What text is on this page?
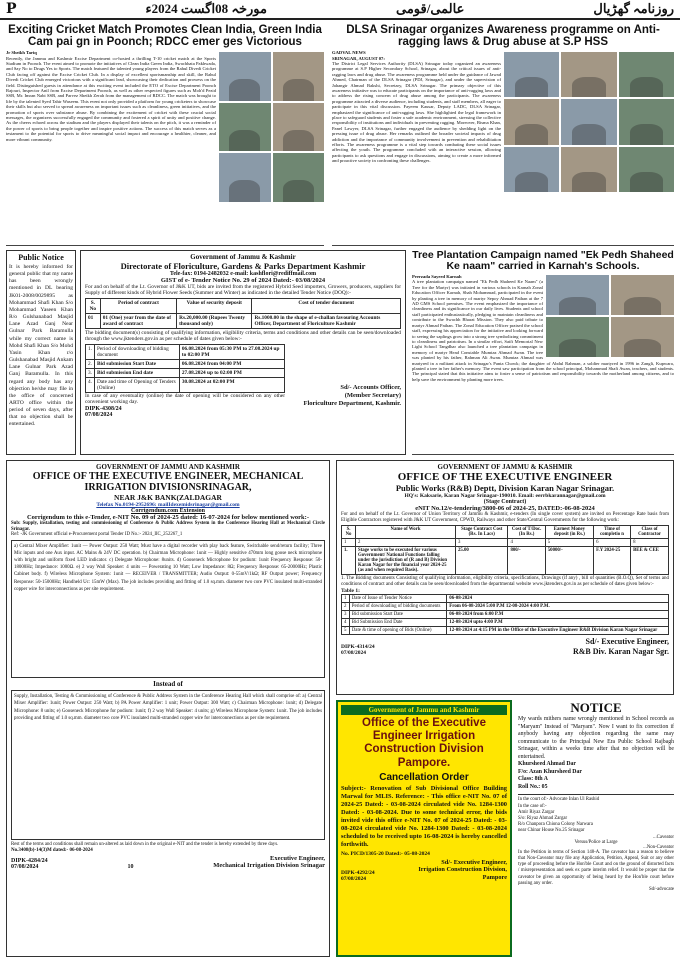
P	مورخہ 08اگست 2024ء	عالمی/قومی	روزنامہ گھڑیال
Exciting Cricket Match Promotes Clean India, Green India Cam pai gn in Poonch; RDCC emer ges Victorious
Jr Sheikh Tariq
Recently, the Jammu and Kashmir Excise Department co-hosted a thrilling T-10 cricket match at the Sports Stadium in Poonch. The event aimed to promote the initiatives of Clean India Green India, Swachhata Pakhwada, and Say No to Drugs Yes to Sports. The match featured the talented young players from the Rahul Divedi Cricket Club facing off against the Excise Cricket Club. In a display of excellent sportsmanship and skill, the Rahul Divedi Cricket Club emerged victorious with a significant lead, showcasing their dedication and prowess on the field. Distinguished guests in attendance at this exciting event included the ETO of Excise Department Poonch Rajouri, Inspector Anil from Excise Department Poonch, as well as other respected figures such as Moh'd Pezid SSB, Mr. Imran Nabi SSB, and Parvez Sheikh Zerah from the management of RDCC. The match was brought to life by the talented Syed Tahir Waseem. This event not only provided a platform for young cricketers to showcase their skills but also served to spread awareness on important issues such as cleanliness, green initiatives, and the promotion of sports over substance abuse. By combining the excitement of cricket with these crucial social messages, the organizers successfully engaged the community and fostered a spirit of unity and positive change. As the cheers echoed across the stadium and the players displayed their talents on the pitch, it was a reminder of the power of sports to bring people together and inspire positive actions. The success of this match serves as a testament to the potential for sports to drive meaningful social impact and encourage a healthier, cleaner, and more vibrant community.
DLSA Srinagar organizes Awareness programme on Anti-ragging laws & Drug abuse at S.P HSS
GADVAL NEWS
SRINAGAR, AUGUST 07:
The District Legal Services Authority (DLSA) Srinagar today organized an awareness programme at S.P Higher Secondary School, Srinagar, about the critical issues of anti-ragging laws and drug abuse. The awareness programme held under the guidance of Jawad Ahmed, Chairman of the DLSA Srinagar (PDJ, Srinagar), and under the supervision of Jahangir Ahmad Bakshi, Secretary, DLSA Srinagar. The primary objective of this awareness initiative was to educate participants on the importance of anti-ragging laws and to address the rising concern of drug abuse among the participants. The awareness programme attracted a diverse audience, including students, and staff members, all eager to participate in this vital discussion. Fayeem Kausar, Deputy LADC, DLSA Srinagar, emphasized the significance of anti-ragging laws. She highlighted the legal framework in place to safeguard students and foster a safe academic environment, stressing the collective responsibility of institutions and individuals in preventing ragging. Moreover, Bisma Khan, Panel Lawyer, DLSA Srinagar, further engaged the audience by shedding light on the pressing issue of drug abuse. Her remarks outlined the broader societal impacts of drug addiction and the importance of community involvement in prevention and rehabilitation efforts. The awareness programme is a vital step towards combating these social issues affecting the youth. The programme concluded with an interactive session, allowing participants to ask questions and engage in discussions, aiming to create a more informed and proactive society in confronting these challenges.
Public Notice
It is hereby informed for general public that my name has been wrongly mentioned in DL bearing JK01-2008/0029895 as Mohammad Shafi Khan S/o Mohammad Yaseen Khan R/o Gulshanabad Masjid Lane Azad Ganj Near Gulnar Park Baramulla while my correct name is Mohd Shafi Khan S/o Mohd Yasin Khan r/o Gulshanabad Masjid Ankam Lane Gulnar Park Azad Ganj Baramulla. In this regard any body has any objection he/she may file in the office of concerned ARTO office within the period of seven days, after that no objection shall be entertained.
Government of Jammu & Kashmir
Directorate of Floriculture, Gardens & Parks Department Kashmir
Tele-fax: 0194-2482032 e-mail: kashflori@rediffmail.com
GIST of e- Tender Notice No. 29 of 2024 Dated:- 03/08/2024
For and on behalf of the Lt. Governor of J&K UT, bids are invited from the registered Hybrid Seed importers, Growers, producers, suppliers for Supply of different kinds of Hybrid Flower Seeds (Summer and Winter) as indicated in the detailed Tender Notice (DOQ):-
S. No	Period of contract	Value of security deposit	Cost of tender document
01	01 (One) year from the date of award of contract	Rs.20,000.00 (Rupees Twenty thousand only)	Rs.1000.00 in the shape of e-challan favouring Accounts Officer, Department of Floriculture Kashmir
The bidding document(s) consisting of qualifying information, eligibility criteria, terms and conditions and other details can be seen/downloaded through the www.jktenders.gov.in as per schedule of dates given below:-
1.	Period of downloading of bidding document	06.08.2024 from 05:30 PM to 27.08.2024 up to 02:00 PM
2.	Bid submission Start Date	06.08.2024 from 04:00 PM
3.	Bid submission End date	27.08.2024 up to 02:00 PM
4.	Date and time of Opening of Tenders (Online)	30.08.2024 at 02:00 PM
In case of any eventuality (online) the date of opening will be considered on any other convenient working day.
DIPK-4308/24
07/08/2024
Sd/- Accounts Officer,
(Member Secretary)
Floriculture Department, Kashmir.
Tree Plantation Campaign named "Ek Pedh Shaheed Ke naam" carried in Karnah's Schools.
Peerzada Sayeed Karnah
A tree plantation campaign named "Ek Pedh Shaheed Ke Naam" (a Tree for the Martyr) was initiated in various schools in Karnah Zonal Education Officer Karnah, Shah Mohammad, participated in the event by planting a tree in memory of martyr Sepoy Ahmad Pathan at the 7 AD GMS School premises. The event emphasized the importance of cleanliness and its significance in our daily lives. Students and school staff participated enthusiastically, pledging to maintain cleanliness and contribute to the Swachh Bharat Mission. They also paid tribute to martyr Ahmad Pathan. The Zonal Education Officer praised the school staff, expressing his appreciation for the initiative and looking forward to seeing the saplings grow into a strong tree symbolizing commitment to cleanliness and patriotism. In a similar effort, Saifi Memorial New Light School Tangdhar also launched a tree plantation campaign in memory of martyr Head Constable Mumtaz Ahmad Awan. The tree was planted by his father, Rahman Ali Awan. Mumtaz Ahmad was martyred in a militant attack in Srinagar's Panta Chowk; the daughter of Abdul Rahman, a soldier martyred in 1996 in Zangli, Kupwara, planted a tree in her father's memory. The event saw participation from the school principal, Mohammad Shafi Awan, teachers, and students. The principal stated that this initiative aims to foster a sense of patriotism and responsibility towards the motherland among citizens, and to help save the environment by planting more trees.
GOVERNMENT OF JAMMU AND KASHMIR
OFFICE OF THE EXECUTIVE ENGINEER, MECHANICAL IRRIGATION DIVISIONSRINAGAR,
NEAR J&K BANK(ZALDAGAR
Telefax No.0194-2952696: mailIdexemidsrinagar@gmail.com
Corrigendum.com Extension
Corrigendum to this e-Tender, e-NIT No. 09 of 2024-25 dated: 16-07-2024 for below mentioned work:-
Sub: Supply, installation, testing and commissioning of Conference & Public Address System in the Conference Hearing Hall at Mechanical Circle Srinagar.
Ref: -JK Government official e-Procurement portal Tender ID No.:- 2024_IIC_252267_1
a) Central Mixer Amplifier: 1unit — Power Output: 250 Watt; Must have a digital recorder with play back feature, Switchable send/return facility; Three Mic inputs and one Aux input. AC Mains & 24V DC operation. b) Chairman Microphone: 1unit — Highly sensitive 470mm long goose neck microphone with bright and uniform fixed LED indicator. c) Delegate Microphone: 8units. d) Gooseneck Microphone for podium: 1unit Frequency Response: 50-18000Hz; Impedance: 1000Ω. e) 2 way Wall Speaker: 4 units — Powerating 10 Watt; Low Impedance: 8Ω; Frequency Response: 65-20000Hz; Plastic Cabinet body. f) Wireless Microphone System: 1unit — RECEIVER / TRANSMITTER; Audio Output: 0-55mV/1kΩ; RF Output power; Frequency Response: 50-15000Hz; Handheld Uc: 15mW (Max). The job includes providing and fitting of 1.0 sq.mm. diameter two core PVC insulated multi-stranded copper wire for interconnections as per site requirement.
Instead of
Supply, Installation, Testing & Commissioning of Conference & Public Address System in the Conference Hearing Hall which shall comprise of: a) Central Mixer Amplifier: 1unit; Power Output: 250 Watt; b) PA Power Amplifier: 1 unit; Power Output: 300 Watt; c) Chairman Microphone: 1unit; d) Delegate Microphone: 8 units; e) Gooseneck Microphone for podium: 1unit; f) 2 way Wall Speaker: 4 units; g) Wireless Microphone System: 1unit. The job includes providing and fitting of 1.0 sq.mm. diameter two core PVC insulated multi-stranded copper wire for interconnections as per site requirement.
Rest of the terms and conditions shall remain un-altered as laid down in the original e-NIT and the tender is hereby extended by three days.
No.3408(b)-14(3)M dated:- 06-08-2024
DIPK-4284/24
07/08/2024	10
Executive Engineer,
Mechanical Irrigation Division Srinagar
GOVERNMENT OF JAMMU & KASHMIR
OFFICE OF THE EXECUTIVE ENGINEER
Public Works (R&B) Deptt, Division Karan Nagar Srinagar.
HQ's: Kaksarie, Karan Nagar Srinagar-190010. Email: eerrbkarannagar@gmail.com
(Stage Contract)
eNIT No.12/e-tendering/3800-06 of 2024-25, DATED:-06-08-2024
For and on behalf of the Lt. Governor of Union Territory of Jammu & Kashmir, e-tenders (In single cover system) are invited on Percentage Rate basis from Eligible Contractors registered with J&K UT Government, CPWD, Railways and other State/Central Governments for the following work:
S. No	Name of Work	Stage Contract Cost (Rs. In Lacs)	Cost of T/Doc. (In Rs.)	Earnest Money deposit (in Rs.)	Time of completio n	Class of Contractor
1	2	3	4	5	6	8
1.	Stage works to be executed for various Government/ National Functions falling under the jurisdiction of (R and B) Division Karan Nagar for the financial year 2024-25 (as and when required Basis).	25.00	800/-	50000/-	F.Y 2024-25	BEE & CEE
1. The Bidding documents Consisting of qualifying information, eligibility criteria, specifications, Drawings (if any) , bill of quantities (B.O.Q), Set of terms and conditions of contract and other details can be seen/downloaded from the departmental website www.jktenders.gov.in as per schedule of dates given below:-
Table 1:
1	Date of Issue of Tender Notice	06-08-2024
2	Period of downloading of bidding documents	From 06-08-2024 5:00 P.M 12-08-2024 4:00 P.M.
3	Bid submission Start Date	06-08-2024 from 6:00 P.M
4	Bid Submission End Date	12-08-2024 upto 4:00 P.M
5	Date & time of opening of Bids (Online)	12-08-2024 at 4:15 PM in the Office of the Executive Engineer R&B Division Karan Nagar Srinagar
DIPK-4314/24
07/08/2024
Sd/- Executive Engineer,
R&B Div. Karan Nagar Sgr.
Government of Jammu and Kashmir
Office of the Executive Engineer Irrigation Construction Division Pampore.
Cancellation Order
Subject:- Renovation of Sub Divisional Office Building Marwal for MLIS. Reference: - This office e-NIT No. 07 of 2024-25 Dated: - 03-08-2024 circulated vide No. 1284-1300 Dated: - 03-08-2024. Due to some technical error, the bids invited vide this office e-NIT No. 07 of 2024-25 Dated: - 03-08-2024 circulated vide No. 1284-1300 Dated: - 03-08-2024 scheduled to be received upto 16-08-2024 is hereby cancelled forthwith.
No. PICD/1305-20 Dated:- 05-08-2024
DIPK-4292/24
07/08/2024
Sd/- Executive Engineer,
Irrigation Construction Division,
Pampore
NOTICE
My wards mithers name wrongly mentioned in School records as "Maryam" Instead of "Maryam". Now I want to fix correction if anybody having any objection regarding the same may communicate to the Principal New Era Public School Rajbagh Srinagar, within a weeks time after that no objection will be entertained.
Khursheed Ahmad Dar
F/o: Azan Khursheed Dar
Class: 8th A
Roll No.: 05
In the court of:- Advocate Inlan Ul Rashid
In the case of:-
Amir Riyaz Zargar
S/o: Riyaz Ahmad Zargar
R/o Chanpora Chiona Colony Narwara
near Chinar House No.25 Srinagar
...Caveator
Versus/Police at Large
...Non-Caveator
In the Petition in terms of Section 148-A. The caveator has a reason to believe that Non-Caveator may file any Application, Petition, Appeal, Suit or any other type of proceeding before the Hon'ble Court and on the ground of distorted facts / misrepresentation and seek ex parte interim relief. It would be proper that the caveator be given an opportunity of being heard by the Hon'ble court before passing any order.
Sd/-advocate
